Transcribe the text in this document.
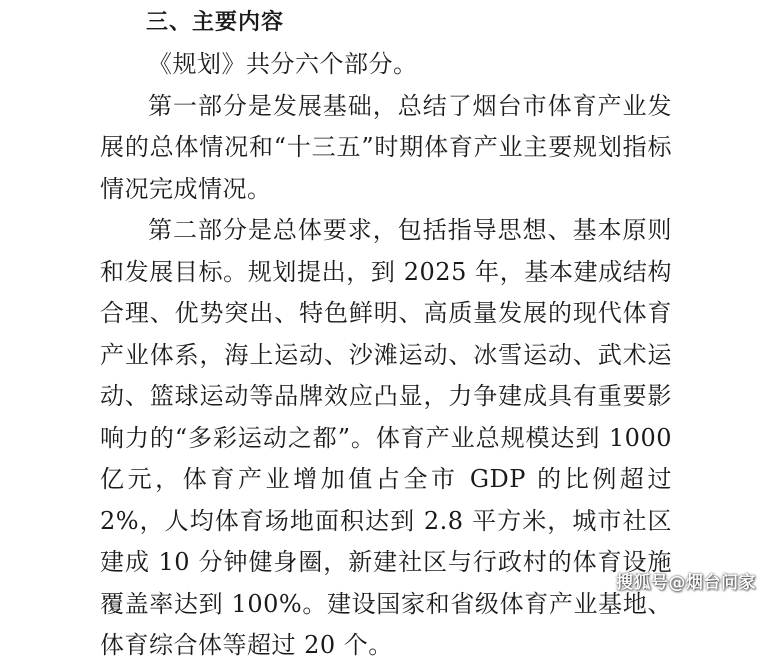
三、主要内容

《规划》共分六个部分。

第一部分是发展基础，总结了烟台市体育产业发展的总体情况和“十三五”时期体育产业主要规划指标情况完成情况。

第二部分是总体要求，包括指导思想、基本原则和发展目标。规划提出，到 2025 年，基本建成结构合理、优势突出、特色鲜明、高质量发展的现代体育产业体系，海上运动、沙滩运动、冰雪运动、武术运动、篮球运动等品牌效应凸显，力争建成具有重要影响力的“多彩运动之都”。体育产业总规模达到 1000 亿元，体育产业增加值占全市 GDP 的比例超过 2%，人均体育场地面积达到 2.8 平方米，城市社区建成 10 分钟健身圈，新建社区与行政村的体育设施覆盖率达到 100%。建设国家和省级体育产业基地、体育综合体等超过 20 个。

搜狐号@烟台问家
